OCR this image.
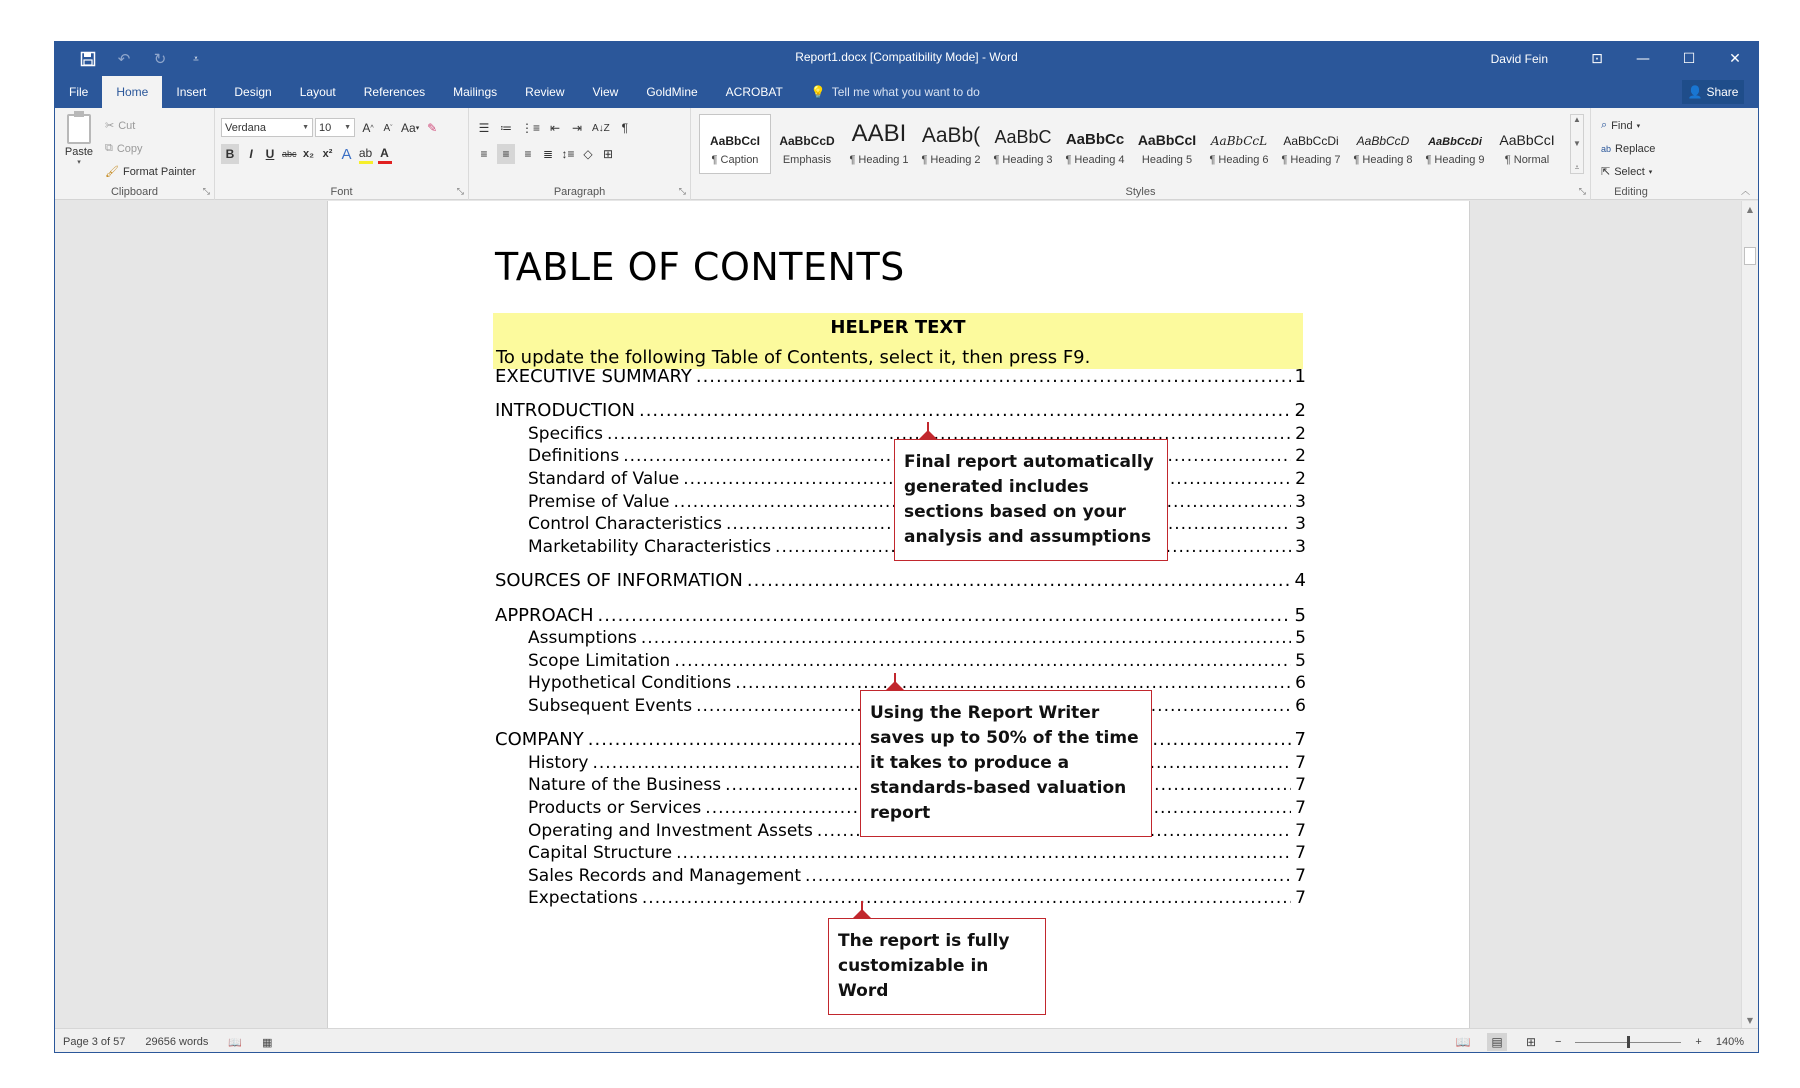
↶	↻	⩡	Report1.docx [Compatibility Mode] - Word	David Fein	⊡	—	☐	✕
File	Home	Insert	Design	Layout	References	Mailings	Review	View	GoldMine	ACROBAT	💡 Tell me what you want to do	👤 Share
Paste
▾
✂ Cut
⧉ Copy
🖌 Format Painter
Clipboard	⤡
Verdana	▼ 10 ▼ A ^ A ˇ Aa ▾ ✎
B	I	U abc x₂ x² A ab A
Font	⤡
☰ ≔ ⋮≡ ⇤ ⇥ A↓Z ¶
≡	≡	≡ ≣ ↕≡ ◇ ⊞
Paragraph	⤡
AaBbCcI
¶ Caption
AaBbCcD
Emphasis
AABI
¶ Heading 1
AaBb(
¶ Heading 2
AaBbC
¶ Heading 3
AaBbCc
¶ Heading 4
AaBbCcI
Heading 5
AaBbCcL
¶ Heading 6
AaBbCcDi
¶ Heading 7
AaBbCcD
¶ Heading 8
AaBbCcDi
¶ Heading 9
AaBbCcI
¶ Normal
▲
▼
⩡
Styles	⤡
⌕ Find ▾
ab Replace
⇱ Select ▾
Editing	︿
TABLE OF CONTENTS
HELPER TEXT
To update the following Table of Contents, select it, then press F9.
EXECUTIVE SUMMARY .....	1
INTRODUCTION .....	2
Specifics .....	2
Definitions .....	2
Standard of Value .....	2
Premise of Value .....	3
Control Characteristics .....	3
Marketability Characteristics .....	3
SOURCES OF INFORMATION .....	4
APPROACH .....	5
Assumptions .....	5
Scope Limitation .....	5
Hypothetical Conditions .....	6
Subsequent Events .....	6
COMPANY .....	7
History .....	7
Nature of the Business .....	7
Products or Services .....	7
Operating and Investment Assets .....	7
Capital Structure .....	7
Sales Records and Management .....	7
Expectations .....	7
Final report automatically generated includes sections based on your analysis and assumptions
Using the Report Writer saves up to 50% of the time it takes to produce a standards-based valuation report
The report is fully customizable in Word
▲
▼
Page 3 of 57 29656 words 📖 ▦	📖	▤	⊞	−	+ 140%
